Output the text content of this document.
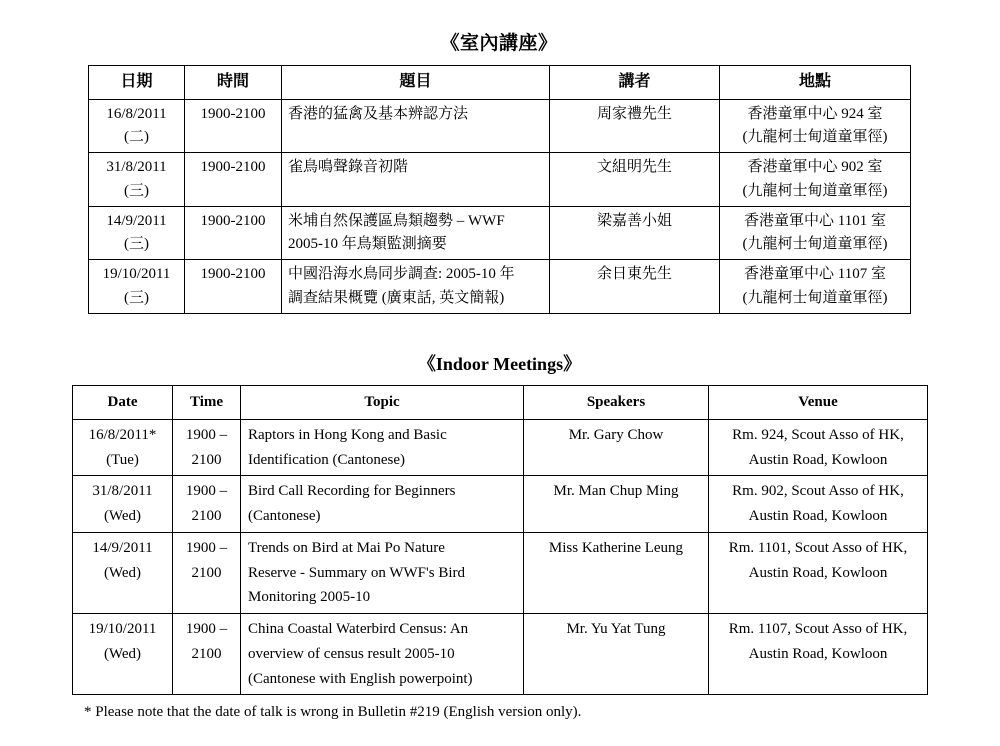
《室內講座》
日期	時間	題目	講者	地點

16/8/2011
(二)	1900-2100	香港的猛禽及基本辨認方法	周家禮先生	香港童軍中心 924 室
(九龍柯士甸道童軍徑)

31/8/2011
(三)	1900-2100	雀鳥鳴聲錄音初階	文組明先生	香港童軍中心 902 室
(九龍柯士甸道童軍徑)

14/9/2011
(三)	1900-2100	米埔自然保護區鳥類趨勢 – WWF
2005-10 年鳥類監測摘要	梁嘉善小姐	香港童軍中心 1101 室
(九龍柯士甸道童軍徑)

19/10/2011
(三)	1900-2100	中國沿海水鳥同步調查: 2005-10 年
調查結果概覽 (廣東話, 英文簡報)	余日東先生	香港童軍中心 1107 室
(九龍柯士甸道童軍徑)
《Indoor Meetings》
Date	Time	Topic	Speakers	Venue

16/8/2011*
(Tue)	1900 –
2100	Raptors in Hong Kong and Basic
Identification (Cantonese)	Mr. Gary Chow	Rm. 924, Scout Asso of HK,
Austin Road, Kowloon

31/8/2011
(Wed)	1900 –
2100	Bird Call Recording for Beginners
(Cantonese)	Mr. Man Chup Ming	Rm. 902, Scout Asso of HK,
Austin Road, Kowloon

14/9/2011
(Wed)	1900 –
2100	Trends on Bird at Mai Po Nature
Reserve - Summary on WWF's Bird Monitoring 2005-10	Miss Katherine Leung	Rm. 1101, Scout Asso of HK,
Austin Road, Kowloon

19/10/2011
(Wed)	1900 –
2100	China Coastal Waterbird Census: An
overview of census result 2005-10 (Cantonese with English powerpoint)	Mr. Yu Yat Tung	Rm. 1107, Scout Asso of HK,
Austin Road, Kowloon
* Please note that the date of talk is wrong in Bulletin #219 (English version only).
